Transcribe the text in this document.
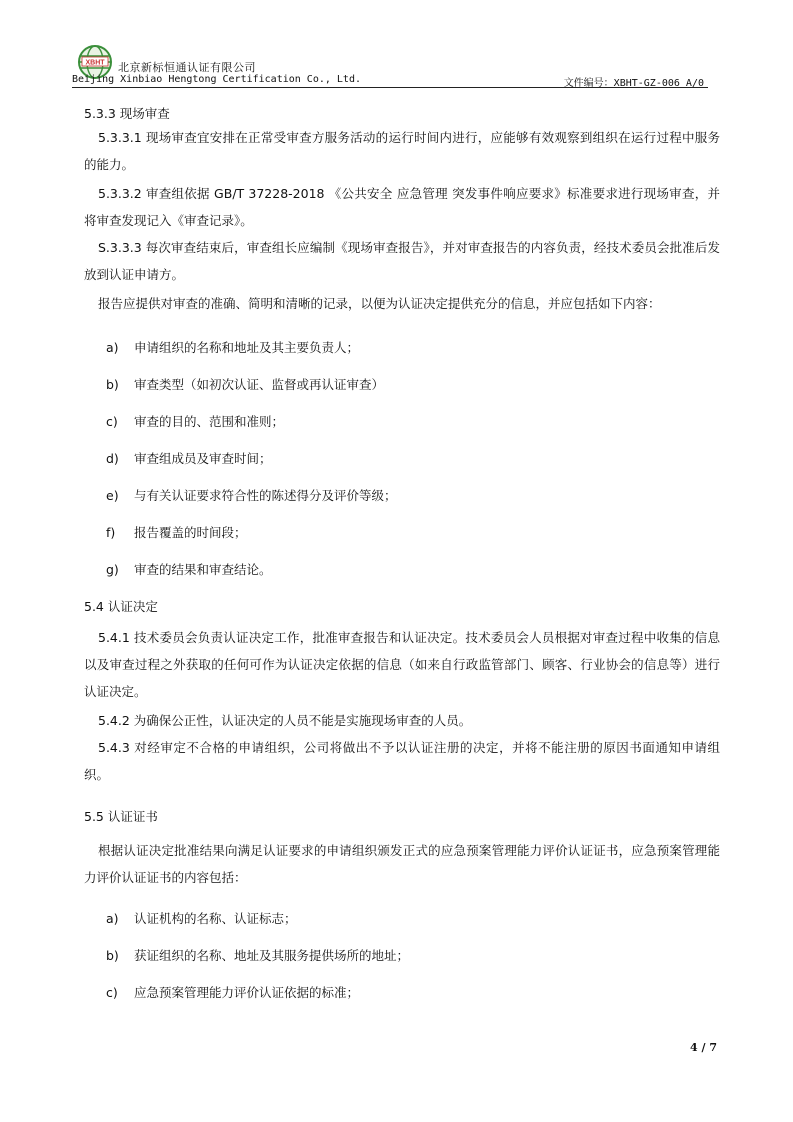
XBHT 北京新标恒通认证有限公司
Beijing Xinbiao Hengtong Certification Co., Ltd.	文件编号：XBHT-GZ-006 A/0
5.3.3 现场审查

5.3.3.1 现场审查宜安排在正常受审查方服务活动的运行时间内进行，应能够有效观察到组织在运行过程中服务的能力。

5.3.3.2 审查组依据 GB/T 37228-2018 《公共安全 应急管理 突发事件响应要求》标准要求进行现场审查，并将审查发现记入《审查记录》。

S.3.3.3 每次审查结束后，审查组长应编制《现场审查报告》，并对审查报告的内容负责，经技术委员会批准后发放到认证申请方。

报告应提供对审查的准确、简明和清晰的记录，以便为认证决定提供充分的信息，并应包括如下内容：

a) 申请组织的名称和地址及其主要负责人；
b) 审查类型（如初次认证、监督或再认证审查）
c) 审查的目的、范围和准则；
d) 审查组成员及审查时间；
e) 与有关认证要求符合性的陈述得分及评价等级；
f) 报告覆盖的时间段；
g) 审查的结果和审查结论。
5.4 认证决定

5.4.1 技术委员会负责认证决定工作，批准审查报告和认证决定。技术委员会人员根据对审查过程中收集的信息以及审查过程之外获取的任何可作为认证决定依据的信息（如来自行政监管部门、顾客、行业协会的信息等）进行认证决定。

5.4.2 为确保公正性，认证决定的人员不能是实施现场审查的人员。

5.4.3 对经审定不合格的申请组织，公司将做出不予以认证注册的决定，并将不能注册的原因书面通知申请组织。

5.5 认证证书

根据认证决定批准结果向满足认证要求的申请组织颁发正式的应急预案管理能力评价认证证书，应急预案管理能力评价认证证书的内容包括：

a) 认证机构的名称、认证标志；
b) 获证组织的名称、地址及其服务提供场所的地址；
c) 应急预案管理能力评价认证依据的标准；
4 / 7
